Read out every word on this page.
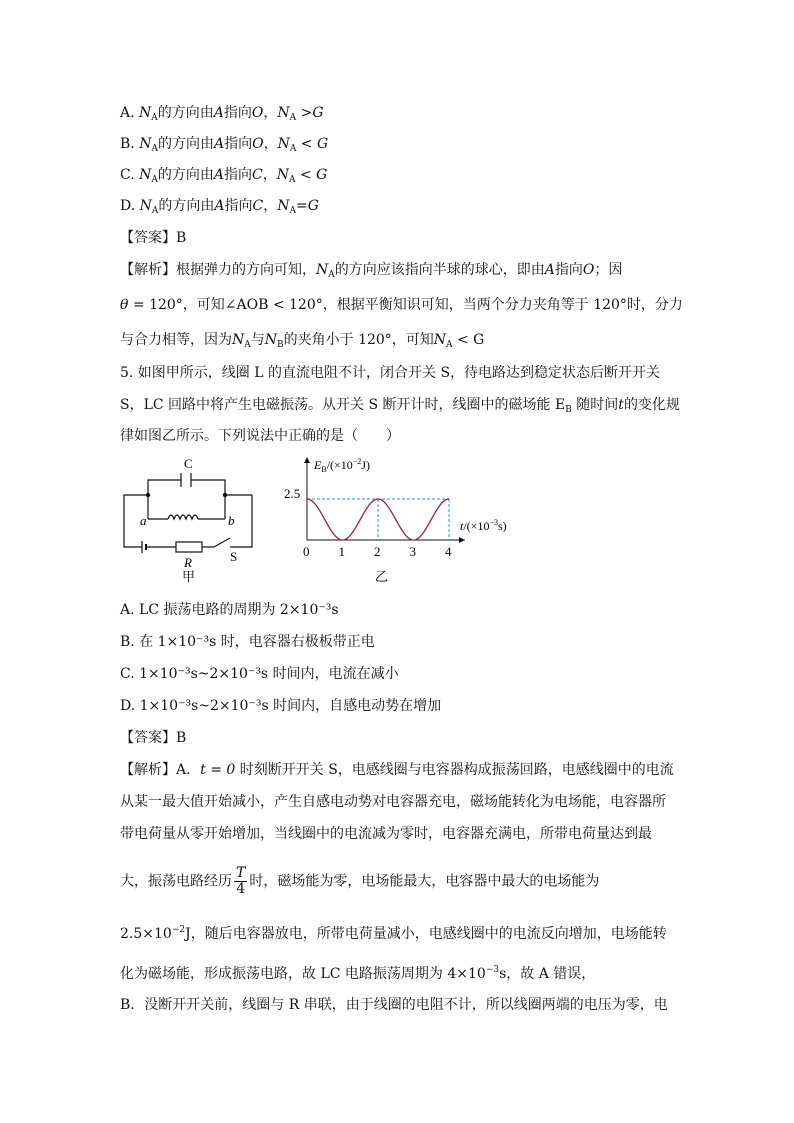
A. $N_A$的方向由A指向O，$N_A >G$
B. $N_A$的方向由A指向O，$N_A < G$
C. $N_A$的方向由A指向C，$N_A < G$
D. $N_A$的方向由A指向C，$N_A=G$
【答案】B
【解析】根据弹力的方向可知，$N_A$的方向应该指向半球的球心，即由A指向O；因
θ = 120°，可知∠AOB < 120°，根据平衡知识可知，当两个分力夹角等于 120°时，分力
与合力相等，因为$N_A$与$N_B$的夹角小于 120°，可知$N_A < G$
5. 如图甲所示，线圈 L 的直流电阻不计，闭合开关 S，待电路达到稳定状态后断开开关
S，LC 回路中将产生电磁振荡。从开关 S 断开计时，线圈中的磁场能 $E_B$ 随时间t的变化规
律如图乙所示。下列说法中正确的是（　　）
C
a	b
R	S
甲
0 1 2 3 4
2.5
$E_B/(\times 10^{-2}J)$
$t/(\times 10^{-3}s)$
乙
A. LC 振荡电路的周期为 2×10⁻³s
B. 在 1×10⁻³s 时，电容器右极板带正电
C. 1×10⁻³s~2×10⁻³s 时间内，电流在减小
D. 1×10⁻³s~2×10⁻³s 时间内，自感电动势在增加
【答案】B
【解析】A．t = 0 时刻断开开关 S，电感线圈与电容器构成振荡回路，电感线圈中的电流
从某一最大值开始减小，产生自感电动势对电容器充电，磁场能转化为电场能，电容器所
带电荷量从零开始增加，当线圈中的电流减为零时，电容器充满电，所带电荷量达到最
大，振荡电路经历 $\frac{T}{4}$ 时，磁场能为零，电场能最大，电容器中最大的电场能为
$2.5\times 10^{-2}J$，随后电容器放电，所带电荷量减小，电感线圈中的电流反向增加，电场能转
化为磁场能，形成振荡电路，故 LC 电路振荡周期为 $4\times 10^{-3}s$，故 A 错误，
B．没断开开关前，线圈与 R 串联，由于线圈的电阻不计，所以线圈两端的电压为零，电
